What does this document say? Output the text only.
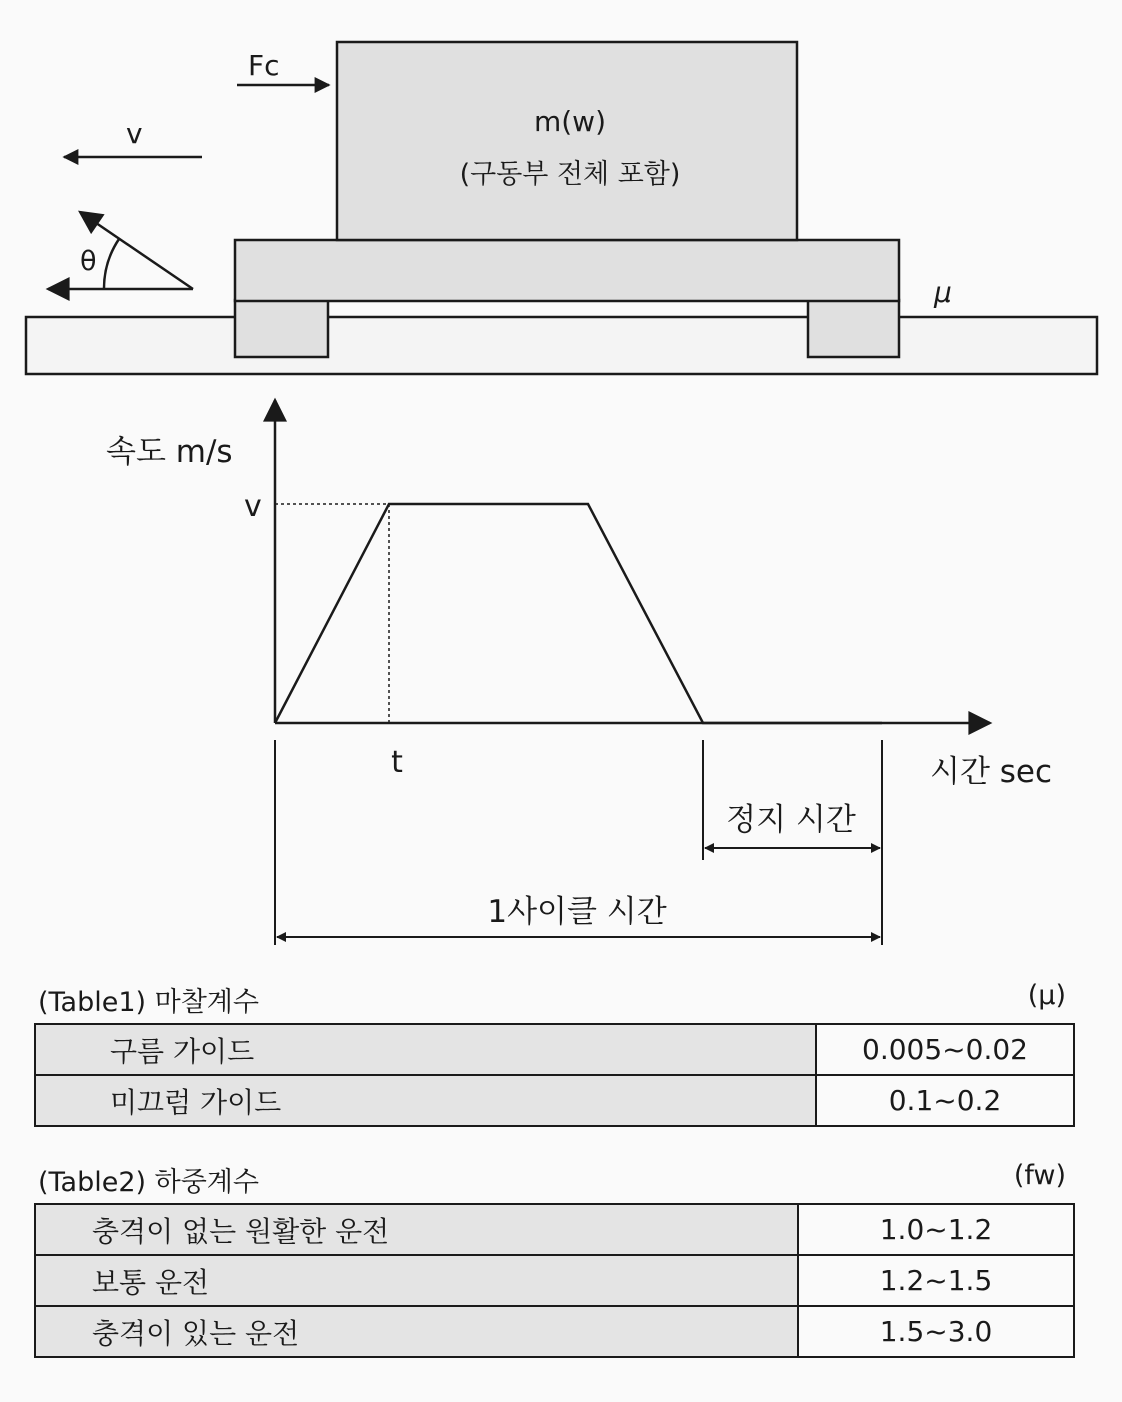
m(w)
(구동부 전체 포함)
Fc
v
θ
μ
속도 m/s
v
t	시간 sec
정지 시간
1사이클 시간
(Table1) 마찰계수	(μ)
구름 가이드	0.005~0.02
미끄럼 가이드	0.1~0.2
(Table2) 하중계수	(fw)
충격이 없는 원활한 운전	1.0~1.2
보통 운전	1.2~1.5
충격이 있는 운전	1.5~3.0
